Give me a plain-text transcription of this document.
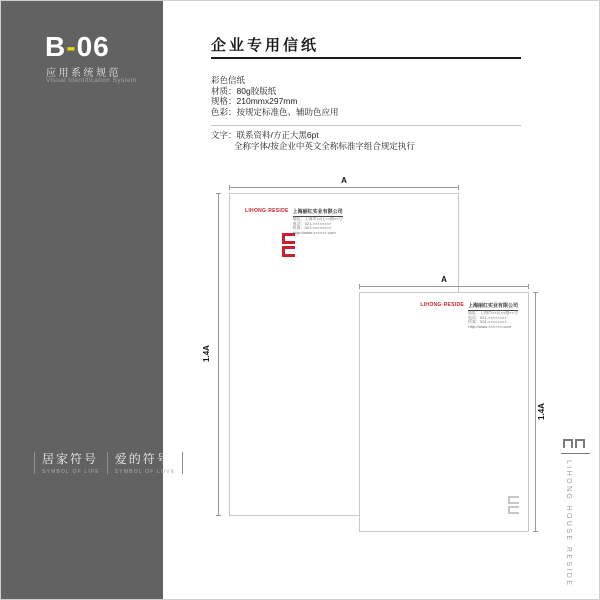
B-06
应用系统规范
Visual Identification System
居家符号
SYMBOL OF LIFE
爱的符号
SYMBOL OF LOVE
企业专用信纸
彩色信纸
材质：80g胶版纸
规格：210mmx297mm
色彩：按规定标准色、辅助色应用
文字：联系资料/方正大黑6pt
全称字体/按企业中英文全称标准字组合规定执行
LIHONG·RESIDE 上海丽红实业有限公司
地址：上海市××区××路××号
电话：021-××××××××
传真：021-××××××××
Http://www.××××××.com
A
1.4A
LIHONG·RESIDE 上海丽红实业有限公司
地址：上海市××区××路××号
电话：021-××××××××
传真：021-××××××××
Http://www.××××××.com
A
1.4A
LIHONG HOUSE RESIDE
